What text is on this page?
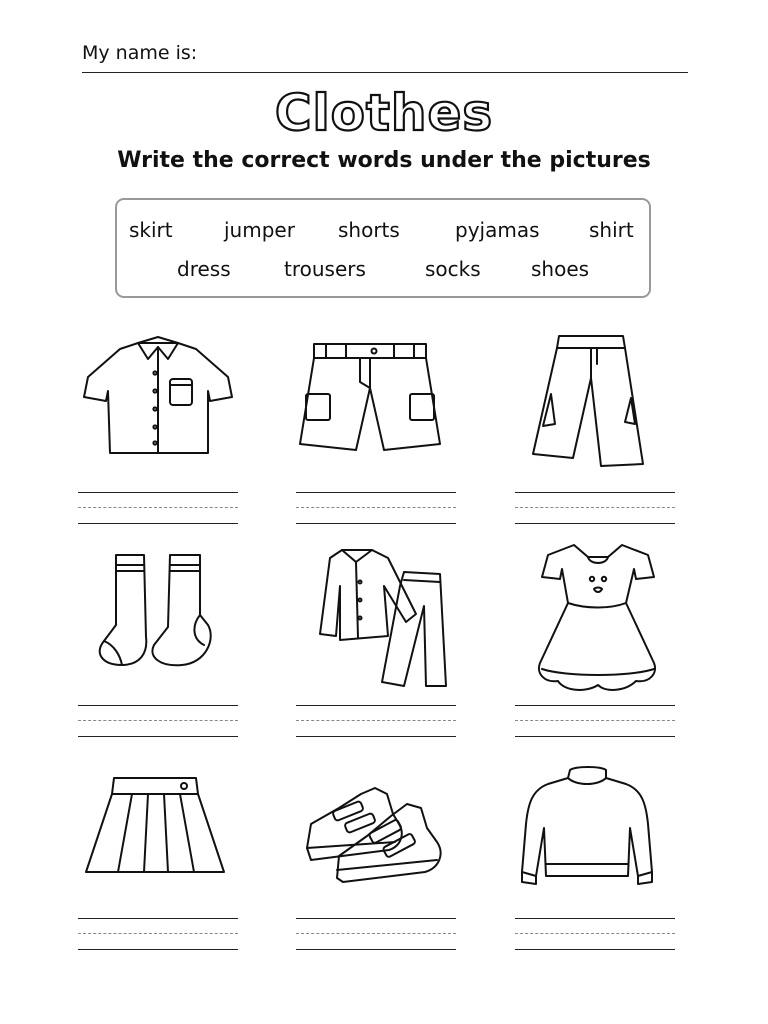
My name is:
Clothes
Write the correct words under the pictures
skirt	jumper shorts	pyjamas shirt
dress	trousers	socks	shoes
